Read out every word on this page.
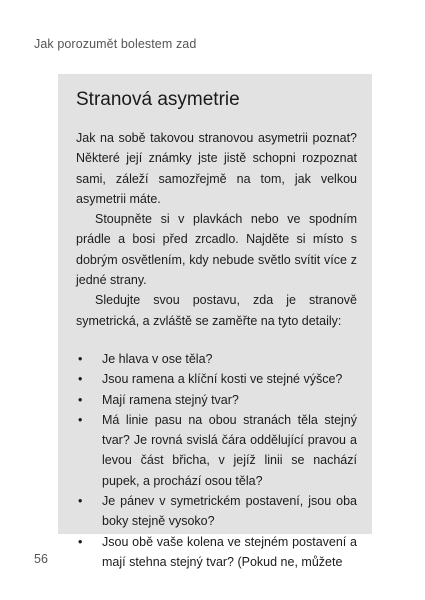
Jak porozumět bolestem zad
Stranová asymetrie

Jak na sobě takovou stranovou asymetrii poznat? Některé její známky jste jistě schopni rozpoznat sami, záleží samozřejmě na tom, jak velkou asymetrii máte.

Stoupněte si v plavkách nebo ve spodním prádle a bosi před zrcadlo. Najděte si místo s dobrým osvětlením, kdy nebude světlo svítit více z jedné strany.

Sledujte svou postavu, zda je stranově symetrická, a zvláště se zaměřte na tyto detaily:

• Je hlava v ose těla?
• Jsou ramena a klíční kosti ve stejné výšce?
• Mají ramena stejný tvar?
• Má linie pasu na obou stranách těla stejný tvar? Je rovná svislá čára oddělující pravou a levou část břicha, v jejíž linii se nachází pupek, a prochází osou těla?
• Je pánev v symetrickém postavení, jsou oba boky stejně vysoko?
• Jsou obě vaše kolena ve stejném postavení a mají stehna stejný tvar? (Pokud ne, můžete
56
